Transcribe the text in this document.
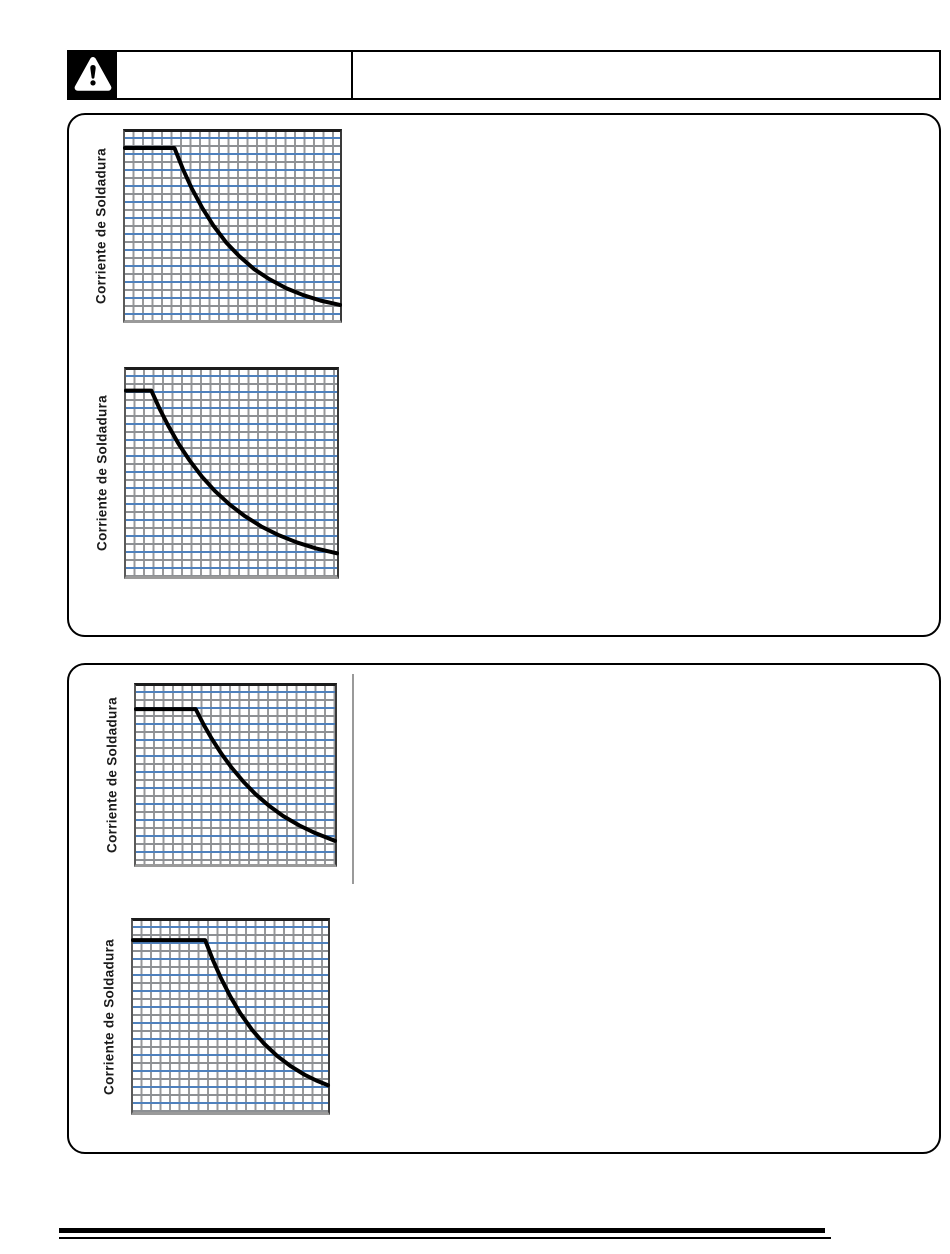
Corriente de Soldadura
Corriente de Soldadura
Corriente de Soldadura
Corriente de Soldadura
